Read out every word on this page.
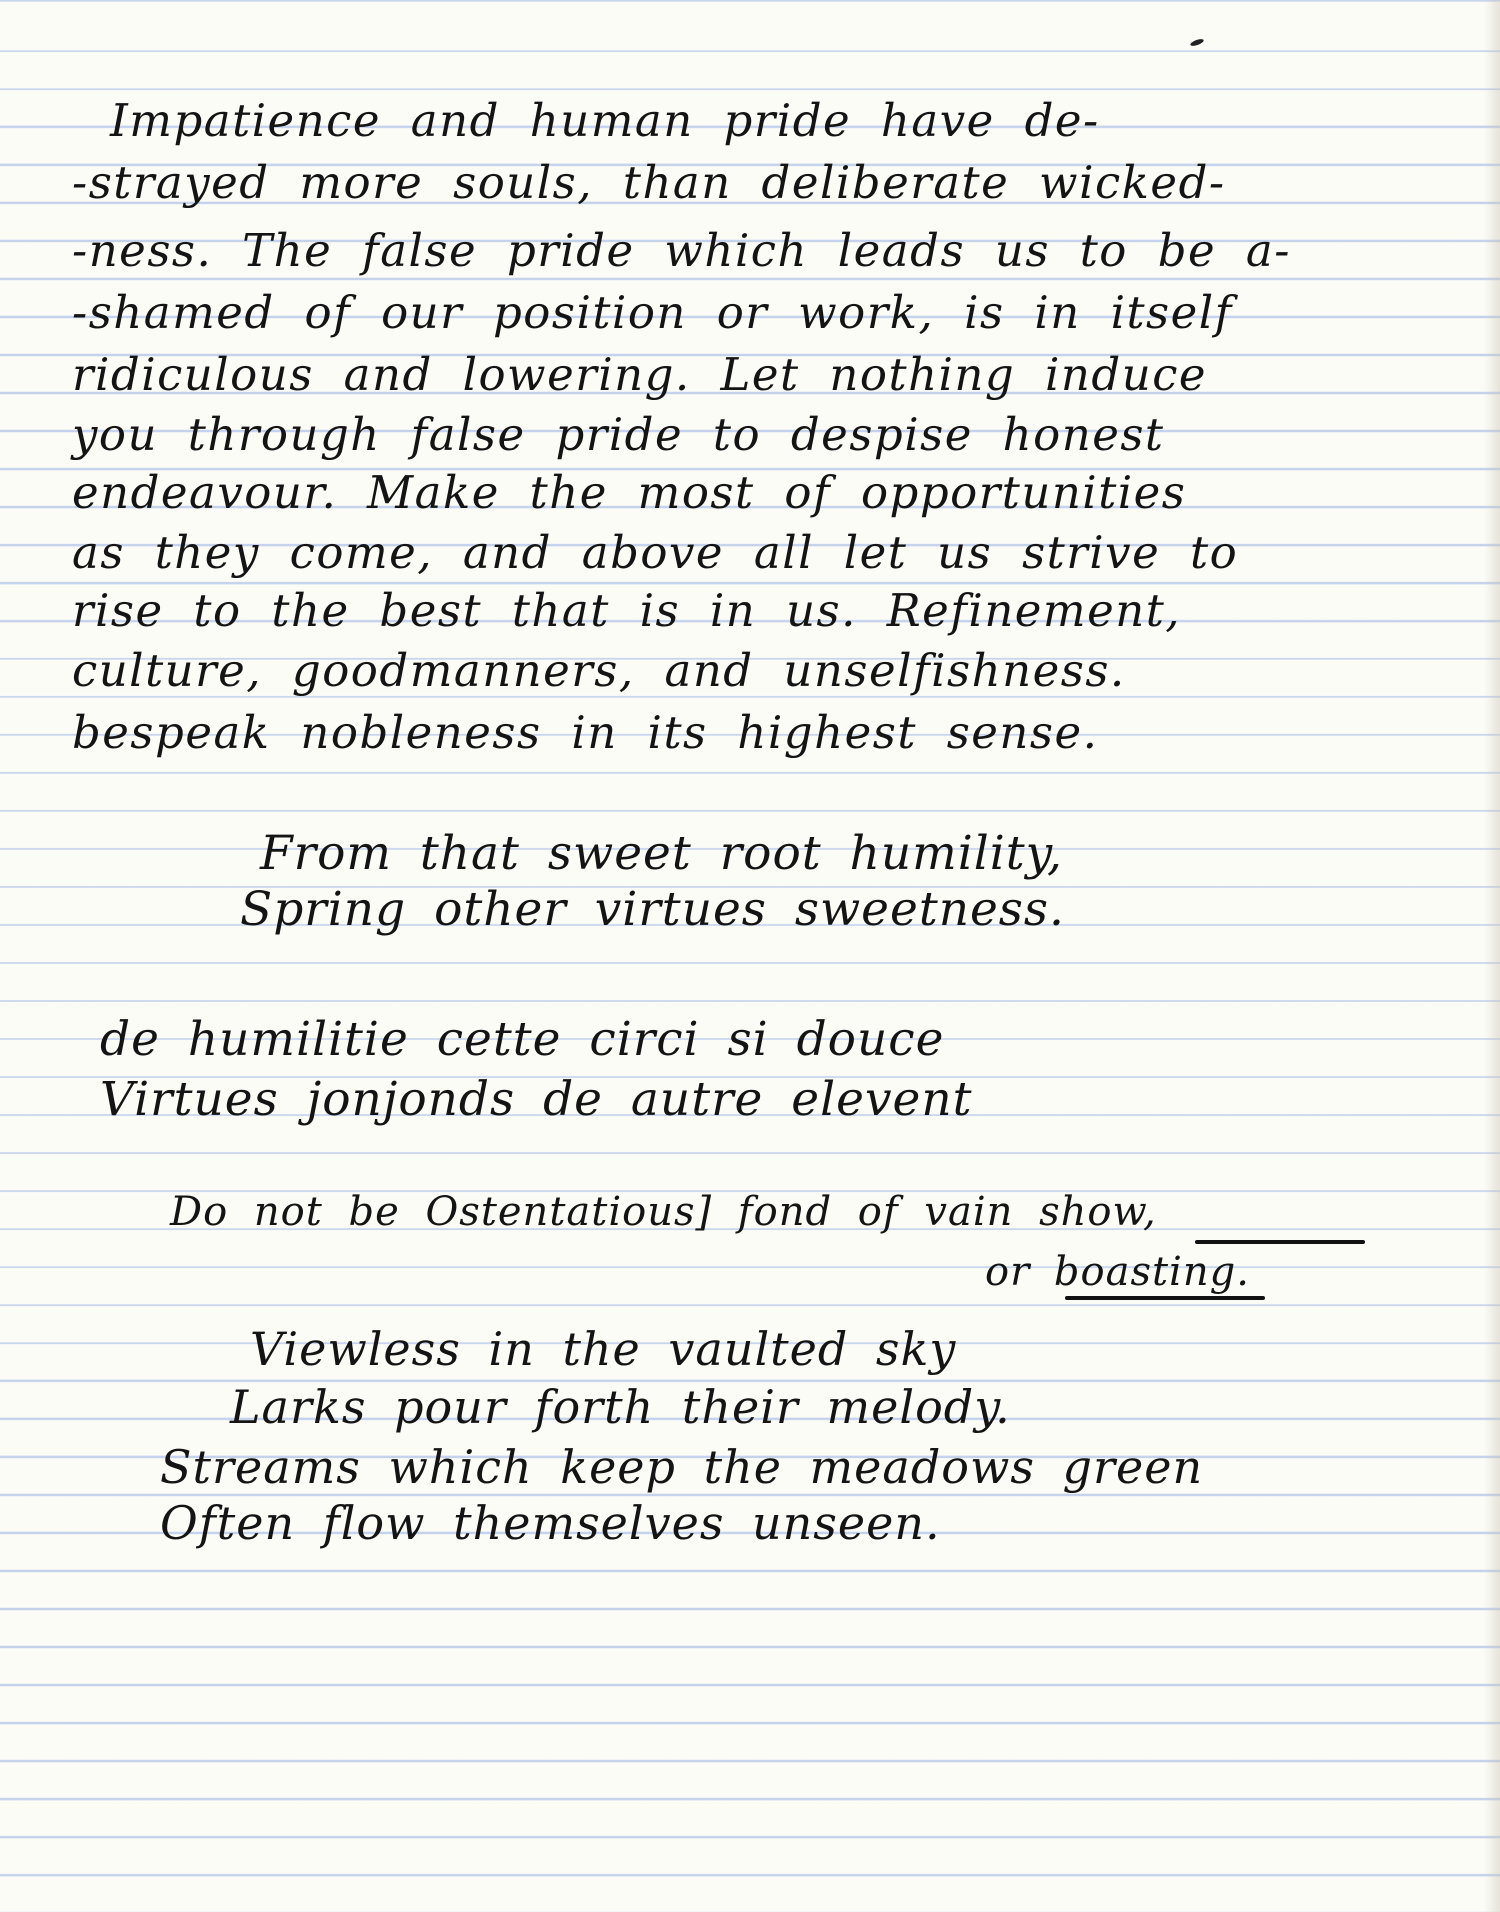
Impatience and human pride have de-

-strayed more souls, than deliberate wicked-

-ness. The false pride which leads us to be a-

-shamed of our position or work, is in itself

ridiculous and lowering. Let nothing induce

you through false pride to despise honest

endeavour. Make the most of opportunities

as they come, and above all let us strive to

rise to the best that is in us. Refinement,

culture, goodmanners, and unselfishness.

bespeak nobleness in its highest sense.

From that sweet root humility,

Spring other virtues sweetness.

de humilitie cette circi si douce

Virtues jonjonds de autre elevent

Do not be Ostentatious] fond of vain show,

or boasting.

Viewless in the vaulted sky

Larks pour forth their melody.

Streams which keep the meadows green

Often flow themselves unseen.
